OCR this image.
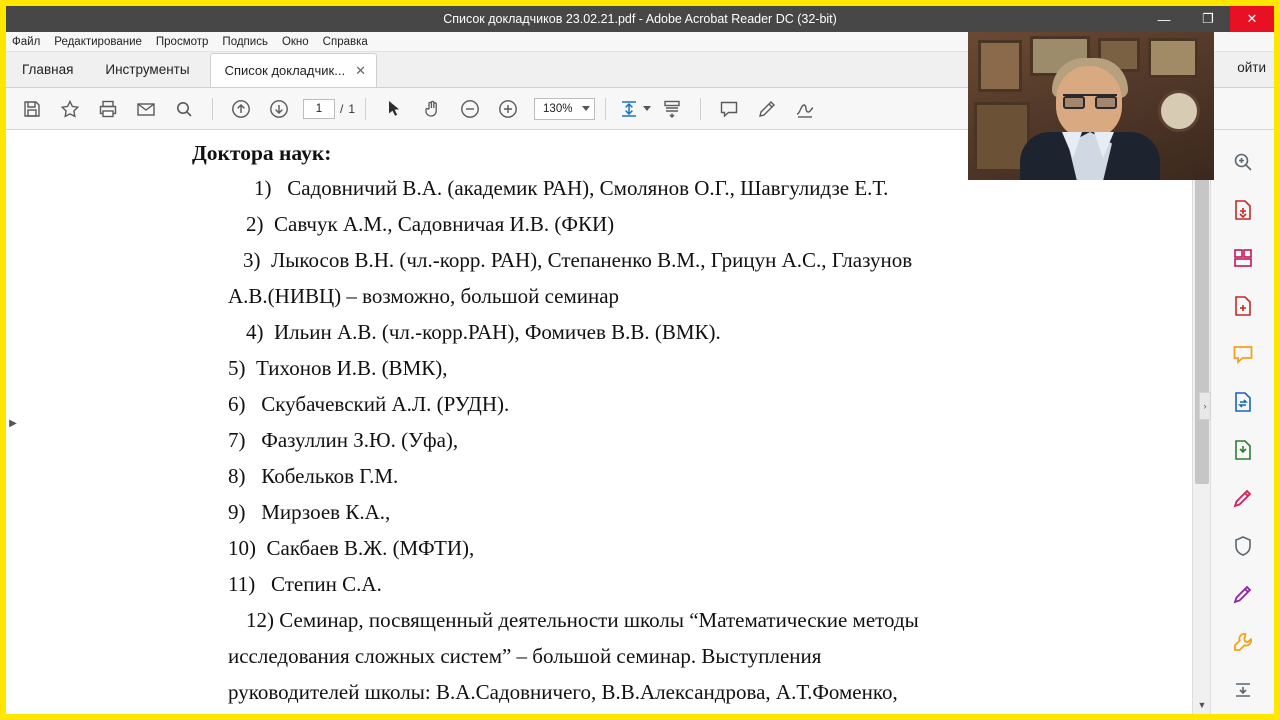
Список докладчиков 23.02.21.pdf - Adobe Acrobat Reader DC (32-bit)	—	❐	✕
Файл Редактирование Просмотр Подпись Окно Справка
Главная	Инструменты	Список докладчик... ✕	ойти
1	/ 1	130%
Доктора наук:
1)   Садовничий В.А. (академик РАН), Смолянов О.Г., Шавгулидзе Е.Т.
2)  Савчук А.М., Садовничая И.В. (ФКИ)
3)  Лыкосов В.Н. (чл.-корр. РАН), Степаненко В.М., Грицун А.С., Глазунов
А.В.(НИВЦ) – возможно, большой семинар
4)  Ильин А.В. (чл.-корр.РАН), Фомичев В.В. (ВМК).
5)  Тихонов И.В. (ВМК),
6)   Скубачевский А.Л. (РУДН).
7)   Фазуллин З.Ю. (Уфа),
8)   Кобельков Г.М.
9)   Мирзоев К.А.,
10)  Сакбаев В.Ж. (МФТИ),
11)   Степин С.А.
12) Семинар, посвященный деятельности школы “Математические методы
исследования сложных систем” – большой семинар. Выступления
руководителей школы: В.А.Садовничего, В.В.Александрова, А.Т.Фоменко,
▶
▼
›
